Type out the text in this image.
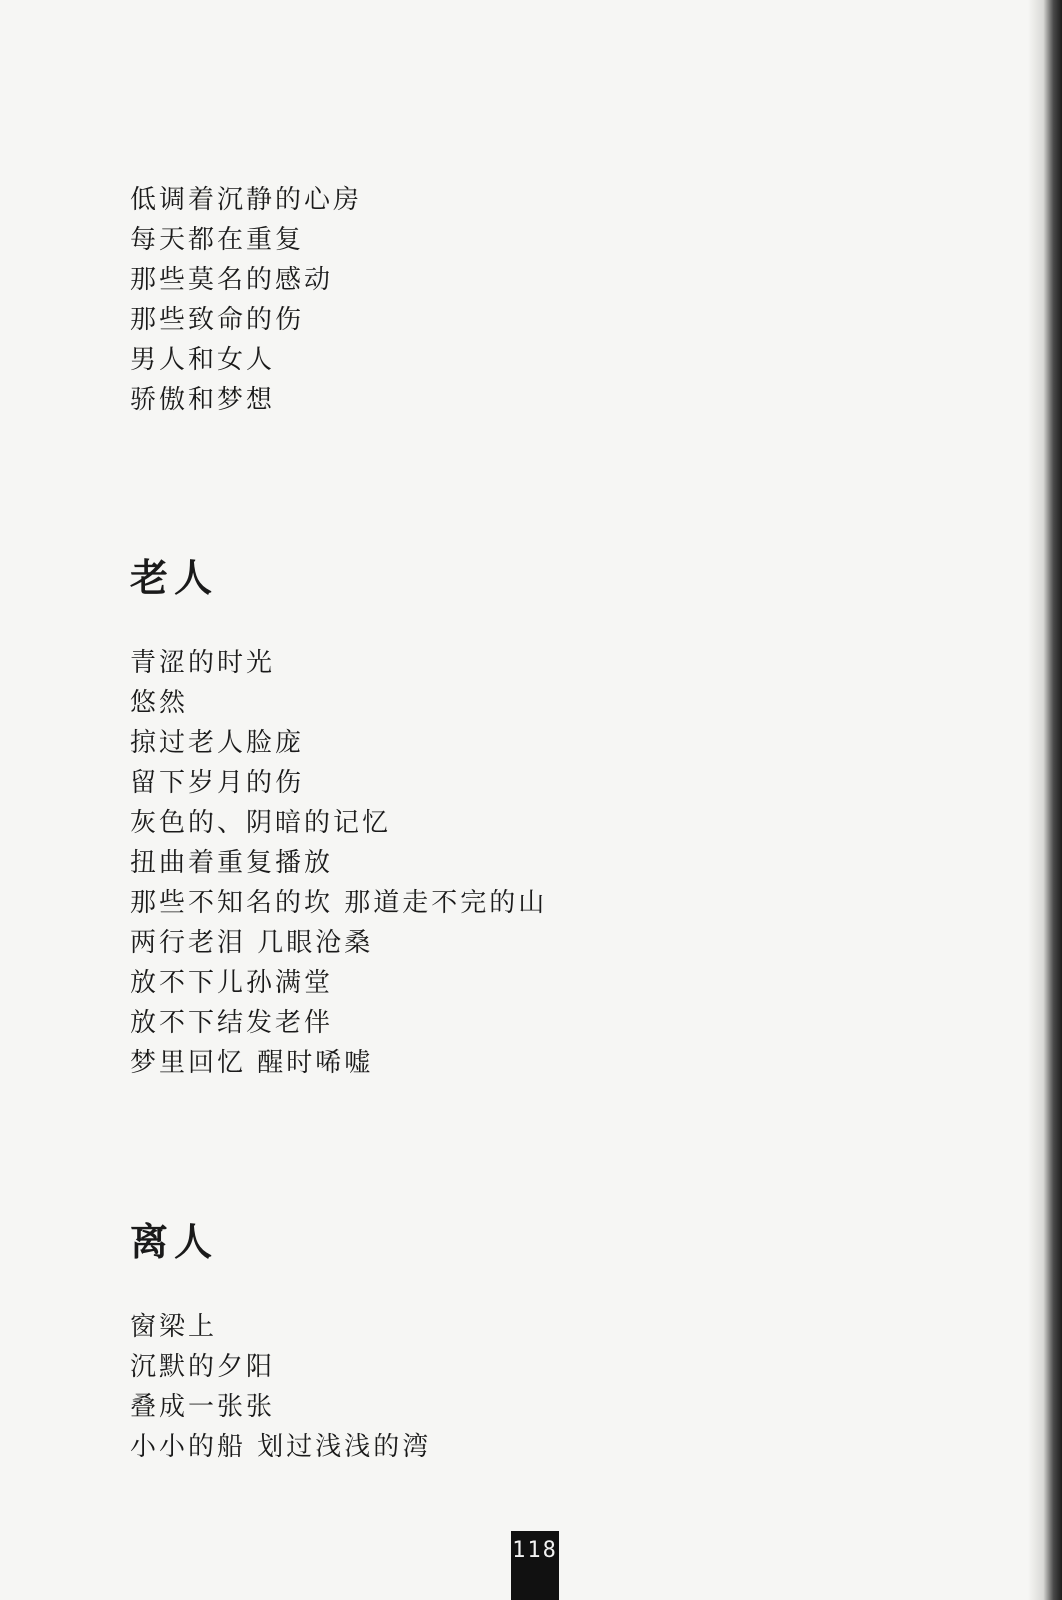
低调着沉静的心房
每天都在重复
那些莫名的感动
那些致命的伤
男人和女人
骄傲和梦想
老人
青涩的时光
悠然
掠过老人脸庞
留下岁月的伤
灰色的、阴暗的记忆
扭曲着重复播放
那些不知名的坎 那道走不完的山
两行老泪 几眼沧桑
放不下儿孙满堂
放不下结发老伴
梦里回忆 醒时唏嘘
离人
窗梁上
沉默的夕阳
叠成一张张
小小的船 划过浅浅的湾
118
